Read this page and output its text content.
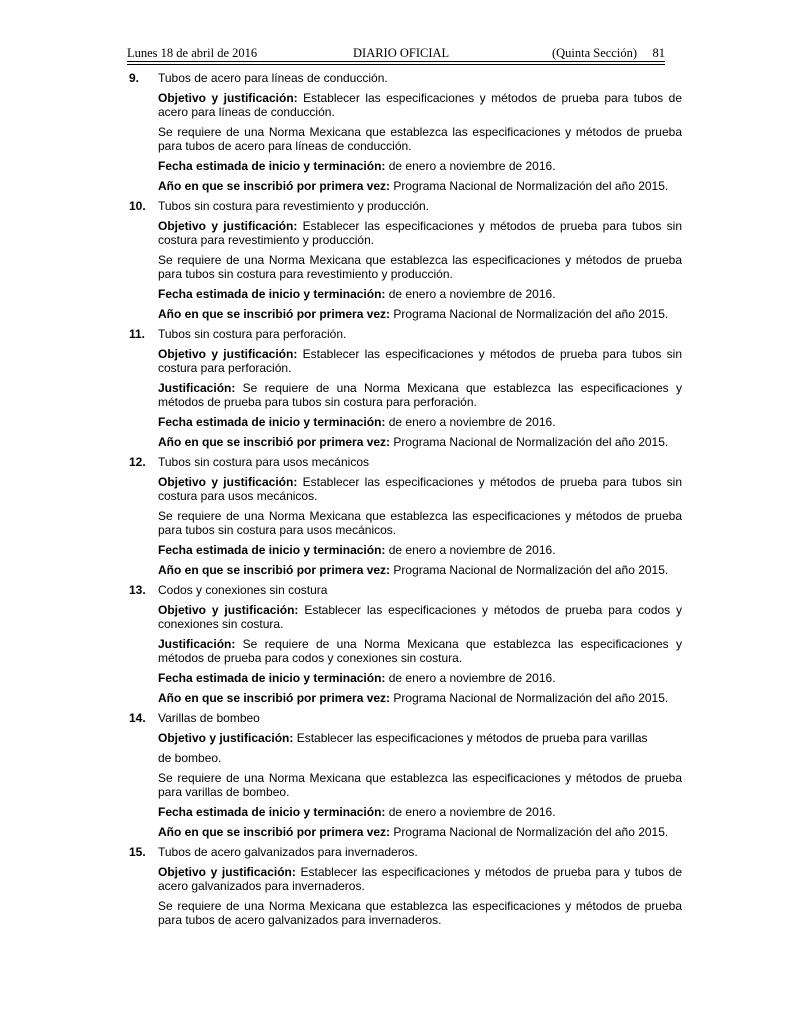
Lunes 18 de abril de 2016	DIARIO OFICIAL	(Quinta Sección) 81

9. Tubos de acero para líneas de conducción.

Objetivo y justificación: Establecer las especificaciones y métodos de prueba para tubos de acero para líneas de conducción.

Se requiere de una Norma Mexicana que establezca las especificaciones y métodos de prueba para tubos de acero para líneas de conducción.

Fecha estimada de inicio y terminación: de enero a noviembre de 2016.

Año en que se inscribió por primera vez: Programa Nacional de Normalización del año 2015.

10. Tubos sin costura para revestimiento y producción.

Objetivo y justificación: Establecer las especificaciones y métodos de prueba para tubos sin costura para revestimiento y producción.

Se requiere de una Norma Mexicana que establezca las especificaciones y métodos de prueba para tubos sin costura para revestimiento y producción.

Fecha estimada de inicio y terminación: de enero a noviembre de 2016.

Año en que se inscribió por primera vez: Programa Nacional de Normalización del año 2015.

11. Tubos sin costura para perforación.

Objetivo y justificación: Establecer las especificaciones y métodos de prueba para tubos sin costura para perforación.

Justificación: Se requiere de una Norma Mexicana que establezca las especificaciones y métodos de prueba para tubos sin costura para perforación.

Fecha estimada de inicio y terminación: de enero a noviembre de 2016.

Año en que se inscribió por primera vez: Programa Nacional de Normalización del año 2015.

12. Tubos sin costura para usos mecánicos

Objetivo y justificación: Establecer las especificaciones y métodos de prueba para tubos sin costura para usos mecánicos.

Se requiere de una Norma Mexicana que establezca las especificaciones y métodos de prueba para tubos sin costura para usos mecánicos.

Fecha estimada de inicio y terminación: de enero a noviembre de 2016.

Año en que se inscribió por primera vez: Programa Nacional de Normalización del año 2015.

13. Codos y conexiones sin costura

Objetivo y justificación: Establecer las especificaciones y métodos de prueba para codos y conexiones sin costura.

Justificación: Se requiere de una Norma Mexicana que establezca las especificaciones y métodos de prueba para codos y conexiones sin costura.

Fecha estimada de inicio y terminación: de enero a noviembre de 2016.

Año en que se inscribió por primera vez: Programa Nacional de Normalización del año 2015.

14. Varillas de bombeo

Objetivo y justificación: Establecer las especificaciones y métodos de prueba para varillas

de bombeo.

Se requiere de una Norma Mexicana que establezca las especificaciones y métodos de prueba para varillas de bombeo.

Fecha estimada de inicio y terminación: de enero a noviembre de 2016.

Año en que se inscribió por primera vez: Programa Nacional de Normalización del año 2015.

15. Tubos de acero galvanizados para invernaderos.

Objetivo y justificación: Establecer las especificaciones y métodos de prueba para y tubos de acero galvanizados para invernaderos.

Se requiere de una Norma Mexicana que establezca las especificaciones y métodos de prueba para tubos de acero galvanizados para invernaderos.
